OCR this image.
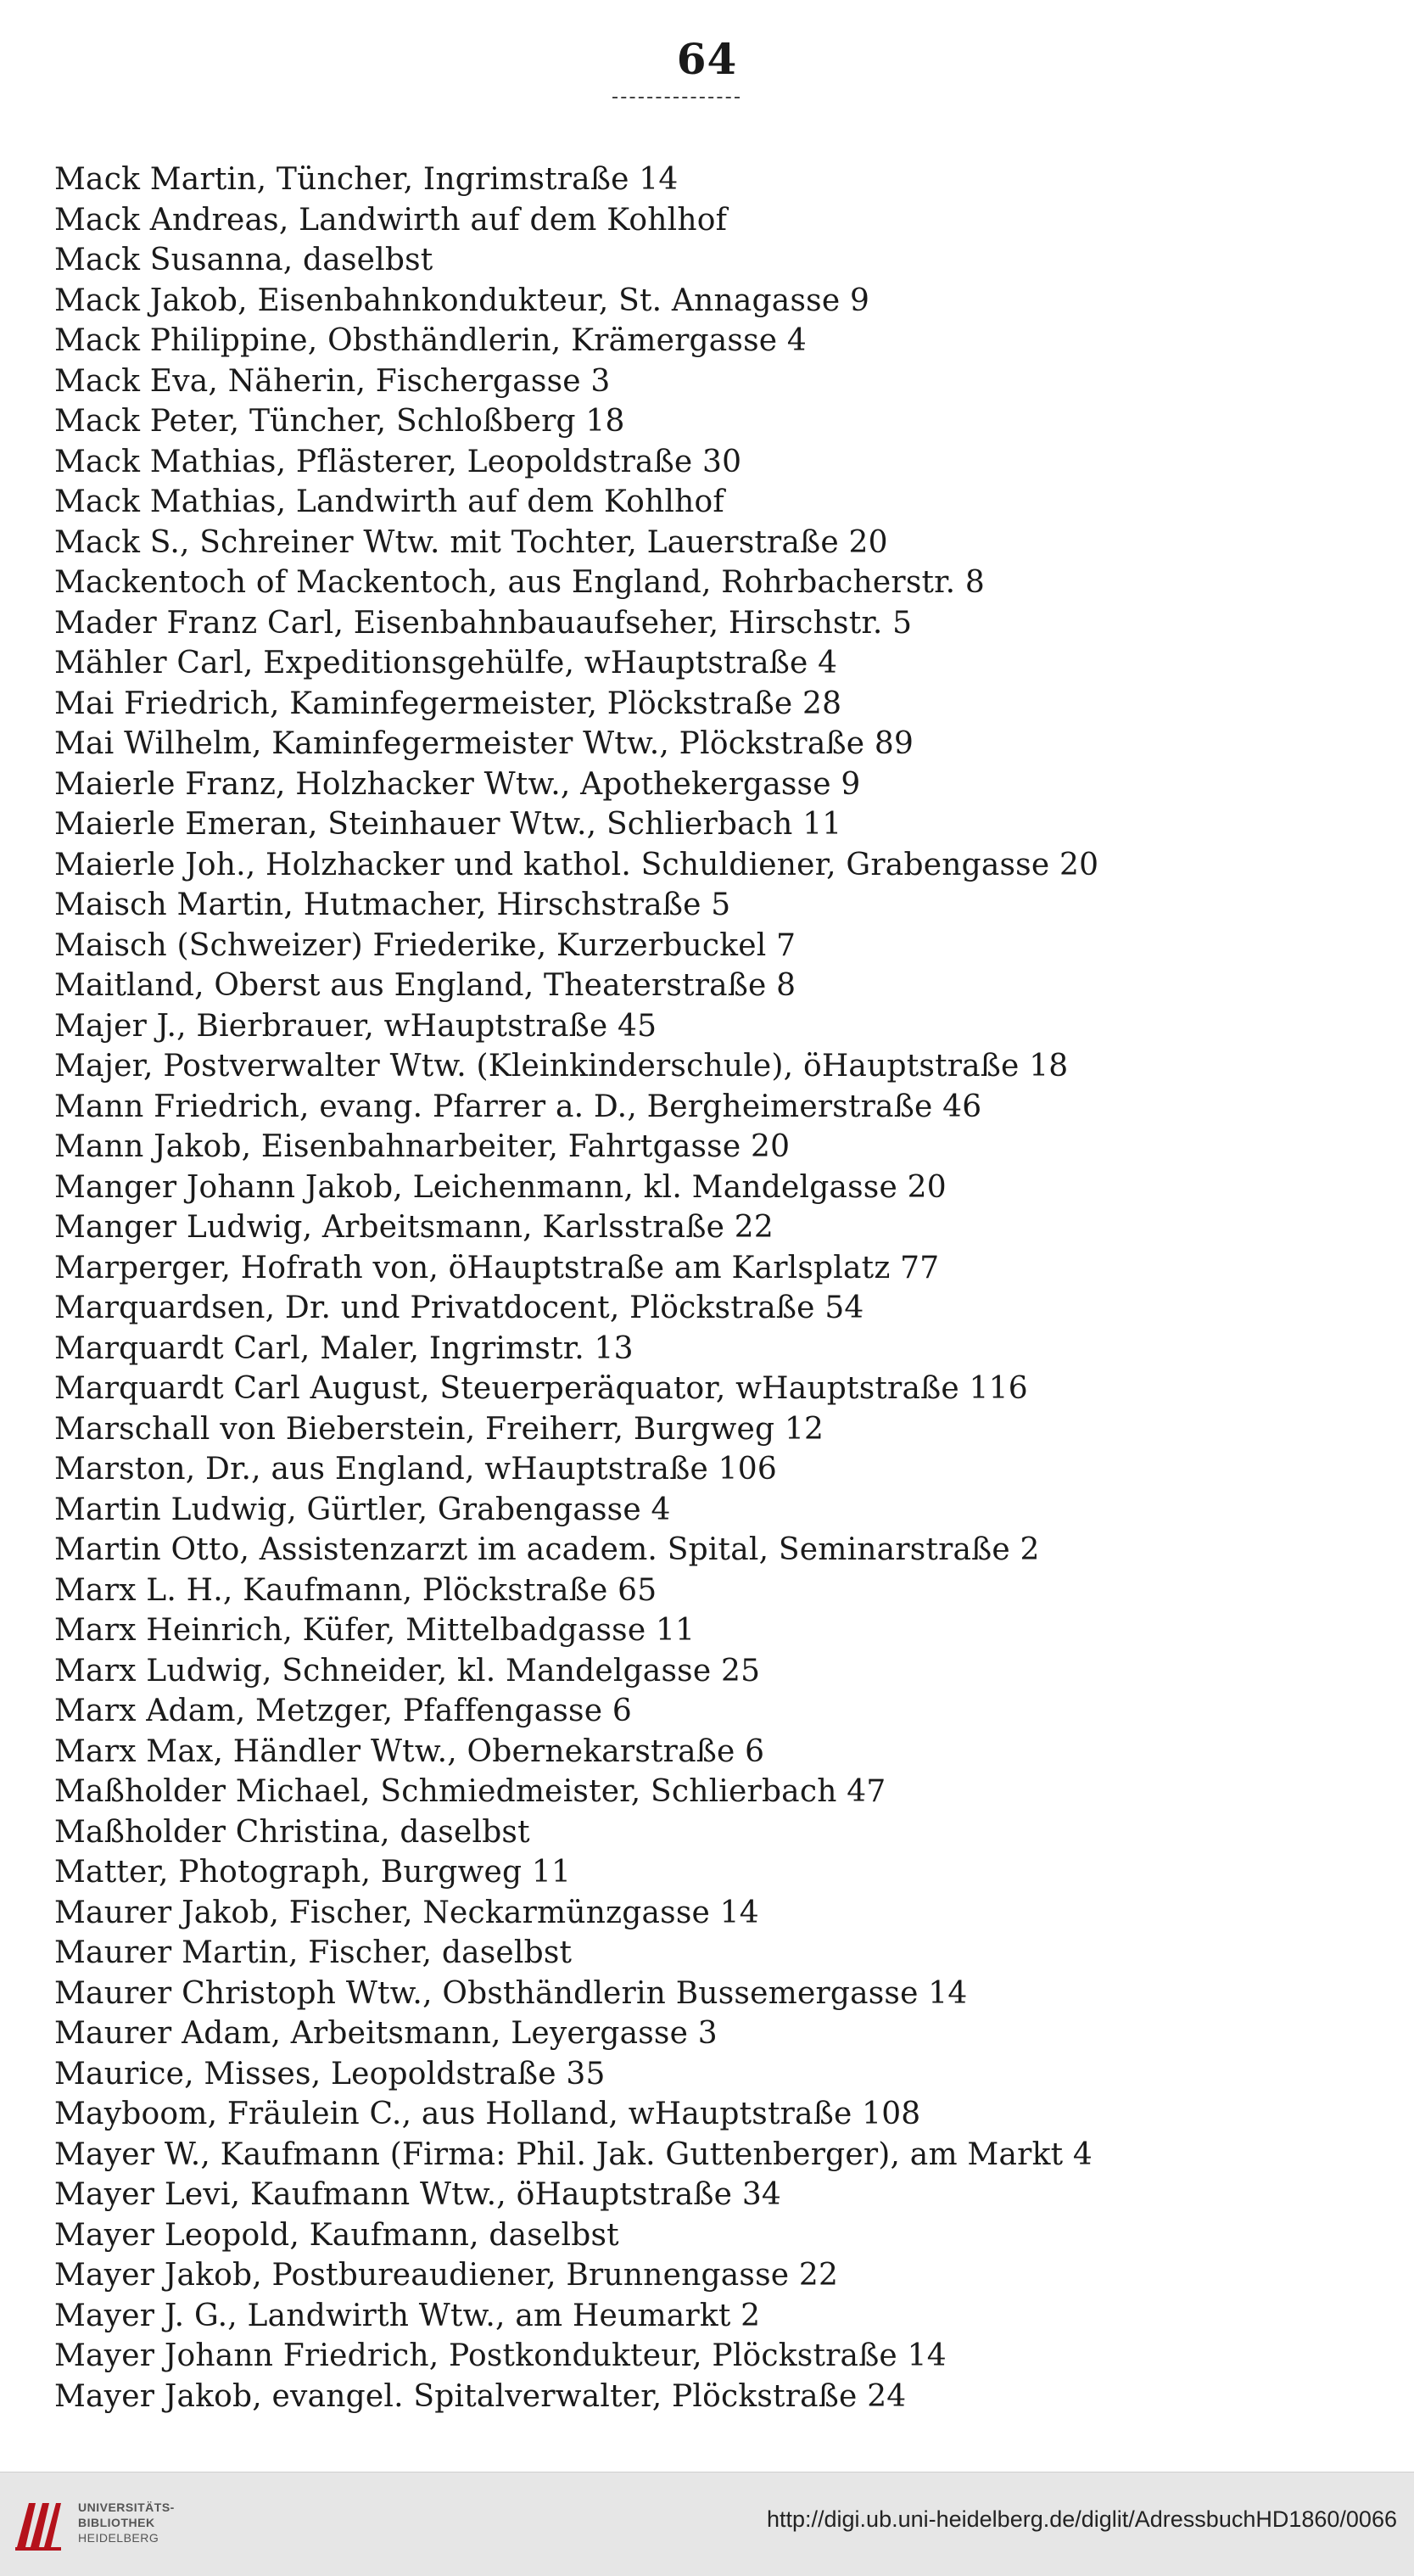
64
Mack Martin, Tüncher, Ingrimstraße 14
Mack Andreas, Landwirth auf dem Kohlhof
Mack Susanna, daselbst
Mack Jakob, Eisenbahnkondukteur, St. Annagasse 9
Mack Philippine, Obsthändlerin, Krämergasse 4
Mack Eva, Näherin, Fischergasse 3
Mack Peter, Tüncher, Schloßberg 18
Mack Mathias, Pflästerer, Leopoldstraße 30
Mack Mathias, Landwirth auf dem Kohlhof
Mack S., Schreiner Wtw. mit Tochter, Lauerstraße 20
Mackentoch of Mackentoch, aus England, Rohrbacherstr. 8
Mader Franz Carl, Eisenbahnbauaufseher, Hirschstr. 5
Mähler Carl, Expeditionsgehülfe, wHauptstraße 4
Mai Friedrich, Kaminfegermeister, Plöckstraße 28
Mai Wilhelm, Kaminfegermeister Wtw., Plöckstraße 89
Maierle Franz, Holzhacker Wtw., Apothekergasse 9
Maierle Emeran, Steinhauer Wtw., Schlierbach 11
Maierle Joh., Holzhacker und kathol. Schuldiener, Grabengasse 20
Maisch Martin, Hutmacher, Hirschstraße 5
Maisch (Schweizer) Friederike, Kurzerbuckel 7
Maitland, Oberst aus England, Theaterstraße 8
Majer J., Bierbrauer, wHauptstraße 45
Majer, Postverwalter Wtw. (Kleinkinderschule), öHauptstraße 18
Mann Friedrich, evang. Pfarrer a. D., Bergheimerstraße 46
Mann Jakob, Eisenbahnarbeiter, Fahrtgasse 20
Manger Johann Jakob, Leichenmann, kl. Mandelgasse 20
Manger Ludwig, Arbeitsmann, Karlsstraße 22
Marperger, Hofrath von, öHauptstraße am Karlsplatz 77
Marquardsen, Dr. und Privatdocent, Plöckstraße 54
Marquardt Carl, Maler, Ingrimstr. 13
Marquardt Carl August, Steuerperäquator, wHauptstraße 116
Marschall von Bieberstein, Freiherr, Burgweg 12
Marston, Dr., aus England, wHauptstraße 106
Martin Ludwig, Gürtler, Grabengasse 4
Martin Otto, Assistenzarzt im academ. Spital, Seminarstraße 2
Marx L. H., Kaufmann, Plöckstraße 65
Marx Heinrich, Küfer, Mittelbadgasse 11
Marx Ludwig, Schneider, kl. Mandelgasse 25
Marx Adam, Metzger, Pfaffengasse 6
Marx Max, Händler Wtw., Obernekarstraße 6
Maßholder Michael, Schmiedmeister, Schlierbach 47
Maßholder Christina, daselbst
Matter, Photograph, Burgweg 11
Maurer Jakob, Fischer, Neckarmünzgasse 14
Maurer Martin, Fischer, daselbst
Maurer Christoph Wtw., Obsthändlerin Bussemergasse 14
Maurer Adam, Arbeitsmann, Leyergasse 3
Maurice, Misses, Leopoldstraße 35
Mayboom, Fräulein C., aus Holland, wHauptstraße 108
Mayer W., Kaufmann (Firma: Phil. Jak. Guttenberger), am Markt 4
Mayer Levi, Kaufmann Wtw., öHauptstraße 34
Mayer Leopold, Kaufmann, daselbst
Mayer Jakob, Postbureaudiener, Brunnengasse 22
Mayer J. G., Landwirth Wtw., am Heumarkt 2
Mayer Johann Friedrich, Postkondukteur, Plöckstraße 14
Mayer Jakob, evangel. Spitalverwalter, Plöckstraße 24
UNIVERSITÄTS-
BIBLIOTHEK
HEIDELBERG
http://digi.ub.uni-heidelberg.de/diglit/AdressbuchHD1860/0066
